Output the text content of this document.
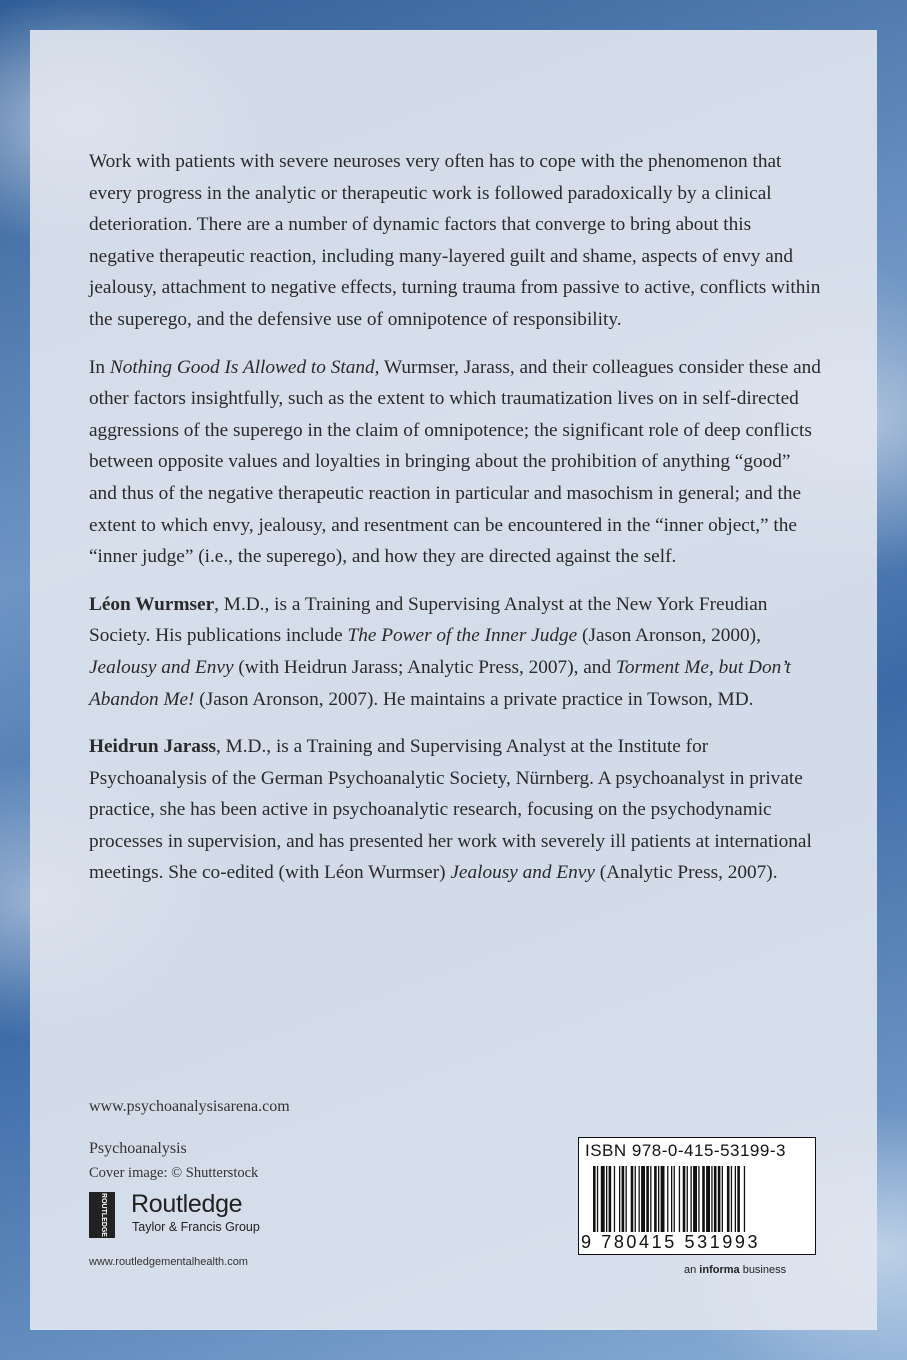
Work with patients with severe neuroses very often has to cope with the phenomenon that every progress in the analytic or therapeutic work is followed paradoxically by a clinical deterioration. There are a number of dynamic factors that converge to bring about this negative therapeutic reaction, including many-layered guilt and shame, aspects of envy and jealousy, attachment to negative effects, turning trauma from passive to active, conflicts within the superego, and the defensive use of omnipotence of responsibility.

In Nothing Good Is Allowed to Stand, Wurmser, Jarass, and their colleagues consider these and other factors insightfully, such as the extent to which traumatization lives on in self-directed aggressions of the superego in the claim of omnipotence; the significant role of deep conflicts between opposite values and loyalties in bringing about the prohibition of anything “good” and thus of the negative therapeutic reaction in particular and masochism in general; and the extent to which envy, jealousy, and resentment can be encountered in the “inner object,” the “inner judge” (i.e., the superego), and how they are directed against the self.

Léon Wurmser, M.D., is a Training and Supervising Analyst at the New York Freudian Society. His publications include The Power of the Inner Judge (Jason Aronson, 2000), Jealousy and Envy (with Heidrun Jarass; Analytic Press, 2007), and Torment Me, but Don’t Abandon Me! (Jason Aronson, 2007). He maintains a private practice in Towson, MD.

Heidrun Jarass, M.D., is a Training and Supervising Analyst at the Institute for Psychoanalysis of the German Psychoanalytic Society, Nürnberg. A psychoanalyst in private practice, she has been active in psychoanalytic research, focusing on the psychodynamic processes in supervision, and has presented her work with severely ill patients at international meetings. She co-edited (with Léon Wurmser) Jealousy and Envy (Analytic Press, 2007).

www.psychoanalysisarena.com
Psychoanalysis
Cover image: © Shutterstock
ROUTLEDGE Routledge
Taylor & Francis Group
www.routledgementalhealth.com
ISBN 978-0-415-53199-3
9 780415 531993
an informa business
